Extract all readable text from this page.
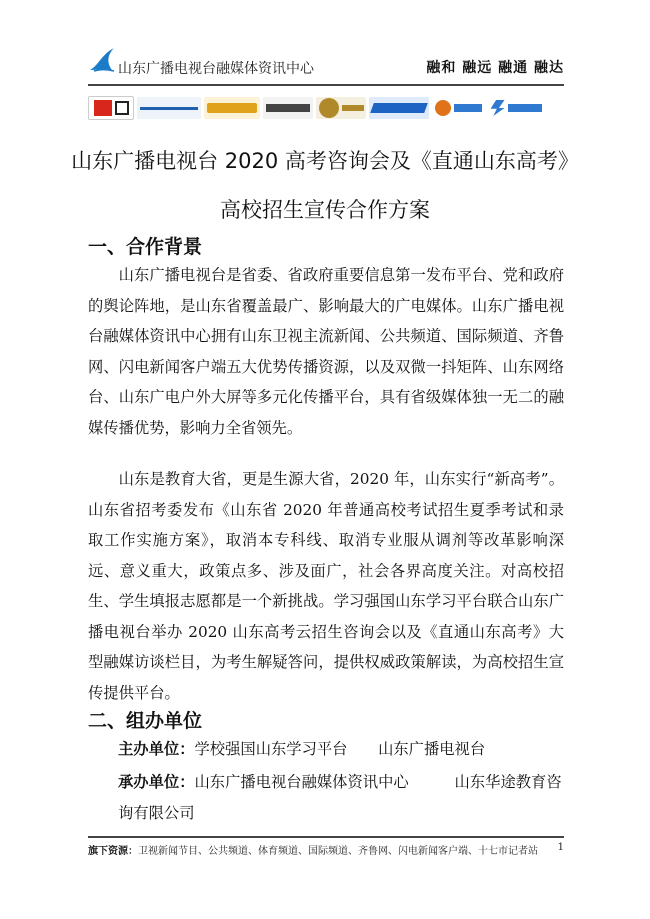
山东广播电视台融媒体资讯中心	融和 融远 融通 融达
山东广播电视台 2020 高考咨询会及《直通山东高考》
高校招生宣传合作方案
一、合作背景

山东广播电视台是省委、省政府重要信息第一发布平台、党和政府的舆论阵地，是山东省覆盖最广、影响最大的广电媒体。山东广播电视台融媒体资讯中心拥有山东卫视主流新闻、公共频道、国际频道、齐鲁网、闪电新闻客户端五大优势传播资源，以及双微一抖矩阵、山东网络台、山东广电户外大屏等多元化传播平台，具有省级媒体独一无二的融媒传播优势，影响力全省领先。

山东是教育大省，更是生源大省，2020 年，山东实行“新高考”。山东省招考委发布《山东省 2020 年普通高校考试招生夏季考试和录取工作实施方案》，取消本专科线、取消专业服从调剂等改革影响深远、意义重大，政策点多、涉及面广，社会各界高度关注。对高校招生、学生填报志愿都是一个新挑战。学习强国山东学习平台联合山东广播电视台举办 2020 山东高考云招生咨询会以及《直通山东高考》大型融媒访谈栏目，为考生解疑答问，提供权威政策解读，为高校招生宣传提供平台。

二、组办单位

主办单位：学校强国山东学习平台　　山东广播电视台

承办单位：山东广播电视台融媒体资讯中心　　　山东华途教育咨询有限公司

旗下资源：卫视新闻节目、公共频道、体育频道、国际频道、齐鲁网、闪电新闻客户端、十七市记者站 1
